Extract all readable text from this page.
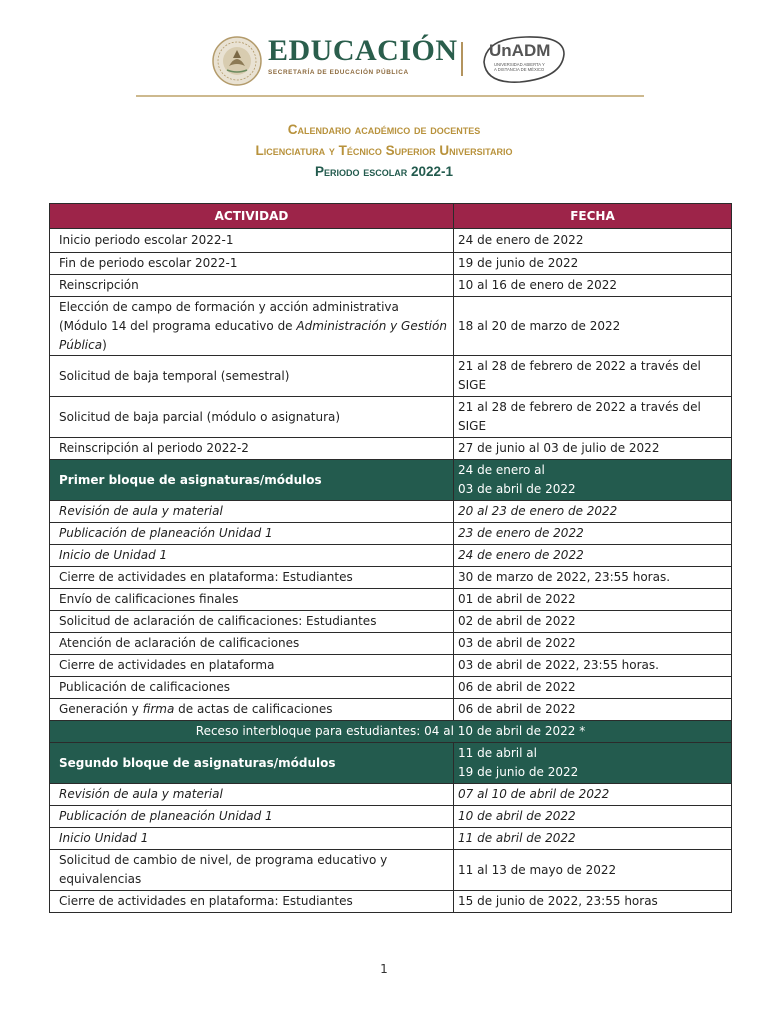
EDUCACIÓN
SECRETARÍA DE EDUCACIÓN PÚBLICA
UnADM
UNIVERSIDAD ABIERTA Y
A DISTANCIA DE MÉXICO
Calendario académico de docentes
Licenciatura y Técnico Superior Universitario
Periodo escolar 2022-1
ACTIVIDAD	FECHA
Inicio periodo escolar 2022-1	24 de enero de 2022
Fin de periodo escolar 2022-1	19 de junio de 2022
Reinscripción	10 al 16 de enero de 2022
Elección de campo de formación y acción administrativa (Módulo 14 del programa educativo de Administración y Gestión Pública)	18 al 20 de marzo de 2022
Solicitud de baja temporal (semestral)	21 al 28 de febrero de 2022 a través del SIGE
Solicitud de baja parcial (módulo o asignatura)	21 al 28 de febrero de 2022 a través del SIGE
Reinscripción al periodo 2022-2	27 de junio al 03 de julio de 2022
Primer bloque de asignaturas/módulos	24 de enero al
03 de abril de 2022

Revisión de aula y material	20 al 23 de enero de 2022
Publicación de planeación Unidad 1	23 de enero de 2022
Inicio de Unidad 1	24 de enero de 2022
Cierre de actividades en plataforma: Estudiantes	30 de marzo de 2022, 23:55 horas.
Envío de calificaciones finales	01 de abril de 2022
Solicitud de aclaración de calificaciones: Estudiantes	02 de abril de 2022
Atención de aclaración de calificaciones	03 de abril de 2022
Cierre de actividades en plataforma	03 de abril de 2022, 23:55 horas.
Publicación de calificaciones	06 de abril de 2022
Generación y firma de actas de calificaciones	06 de abril de 2022
Receso interbloque para estudiantes: 04 al 10 de abril de 2022 *	
Segundo bloque de asignaturas/módulos	11 de abril al
19 de junio de 2022

Revisión de aula y material	07 al 10 de abril de 2022
Publicación de planeación Unidad 1	10 de abril de 2022
Inicio Unidad 1	11 de abril de 2022
Solicitud de cambio de nivel, de programa educativo y equivalencias	11 al 13 de mayo de 2022
Cierre de actividades en plataforma: Estudiantes	15 de junio de 2022, 23:55 horas
1
